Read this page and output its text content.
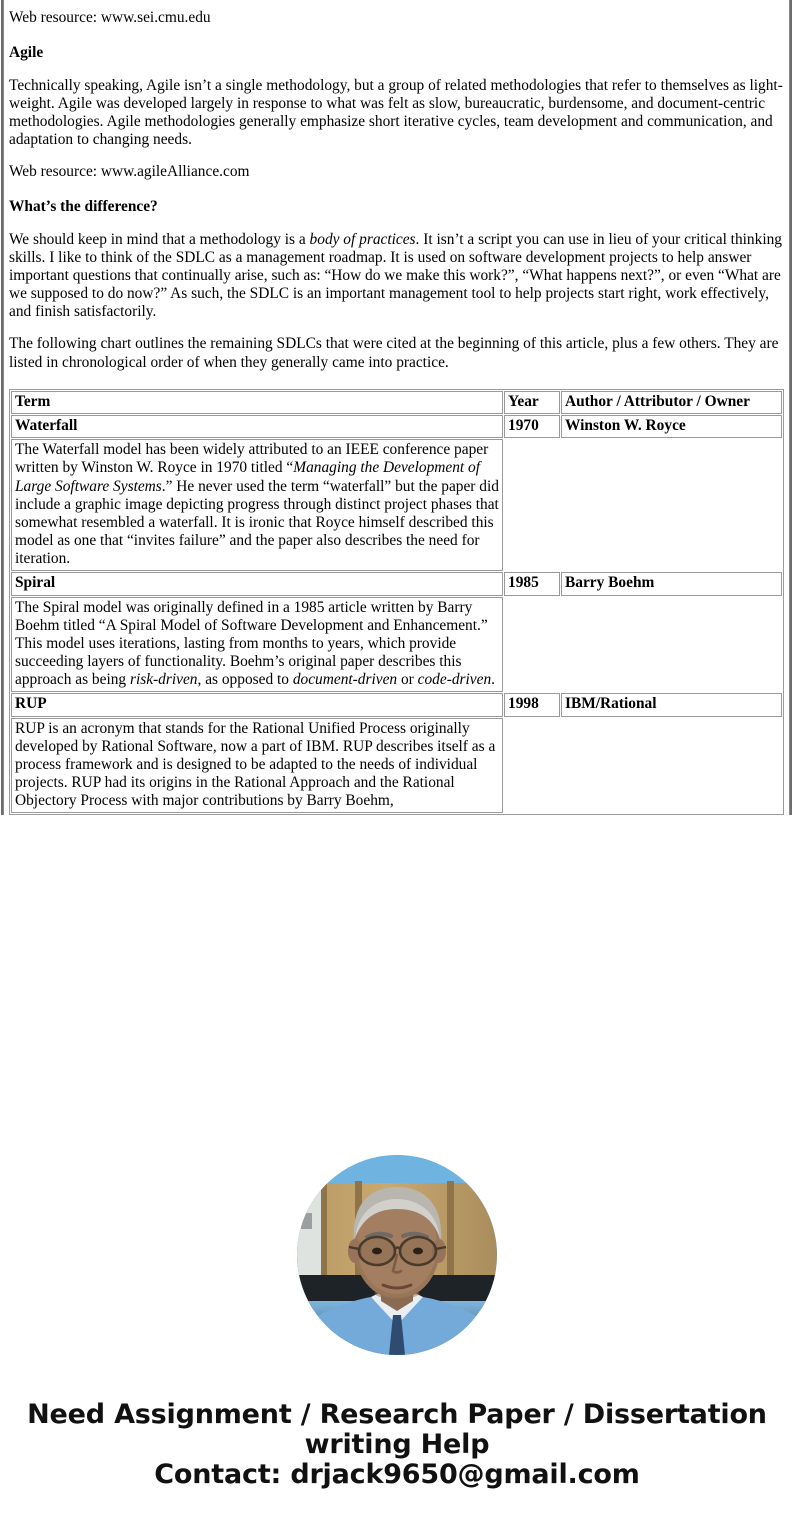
Web resource: www.sei.cmu.edu

Agile

Technically speaking, Agile isn’t a single methodology, but a group of related methodologies that refer to themselves as light-weight. Agile was developed largely in response to what was felt as slow, bureaucratic, burdensome, and document-centric methodologies. Agile methodologies generally emphasize short iterative cycles, team development and communication, and adaptation to changing needs.

Web resource: www.agileAlliance.com

What’s the difference?

We should keep in mind that a methodology is a body of practices. It isn’t a script you can use in lieu of your critical thinking skills. I like to think of the SDLC as a management roadmap. It is used on software development projects to help answer important questions that continually arise, such as: “How do we make this work?”, “What happens next?”, or even “What are we supposed to do now?” As such, the SDLC is an important management tool to help projects start right, work effectively, and finish satisfactorily.

The following chart outlines the remaining SDLCs that were cited at the beginning of this article, plus a few others. They are listed in chronological order of when they generally came into practice.

Term	Year	Author / Attributor / Owner
Waterfall	1970	Winston W. Royce
The Waterfall model has been widely attributed to an IEEE conference paper written by Winston W. Royce in 1970 titled “Managing the Development of Large Software Systems.” He never used the term “waterfall” but the paper did include a graphic image depicting progress through distinct project phases that somewhat resembled a waterfall. It is ironic that Royce himself described this model as one that “invites failure” and the paper also describes the need for iteration.		
Spiral	1985	Barry Boehm
The Spiral model was originally defined in a 1985 article written by Barry Boehm titled “A Spiral Model of Software Development and Enhancement.” This model uses iterations, lasting from months to years, which provide succeeding layers of functionality. Boehm’s original paper describes this approach as being risk-driven, as opposed to document-driven or code-driven.		
RUP	1998	IBM/Rational
RUP is an acronym that stands for the Rational Unified Process originally developed by Rational Software, now a part of IBM. RUP describes itself as a process framework and is designed to be adapted to the needs of individual projects. RUP had its origins in the Rational Approach and the Rational Objectory Process with major contributions by Barry Boehm,		
Need Assignment / Research Paper / Dissertation
writing Help
Contact: drjack9650@gmail.com
